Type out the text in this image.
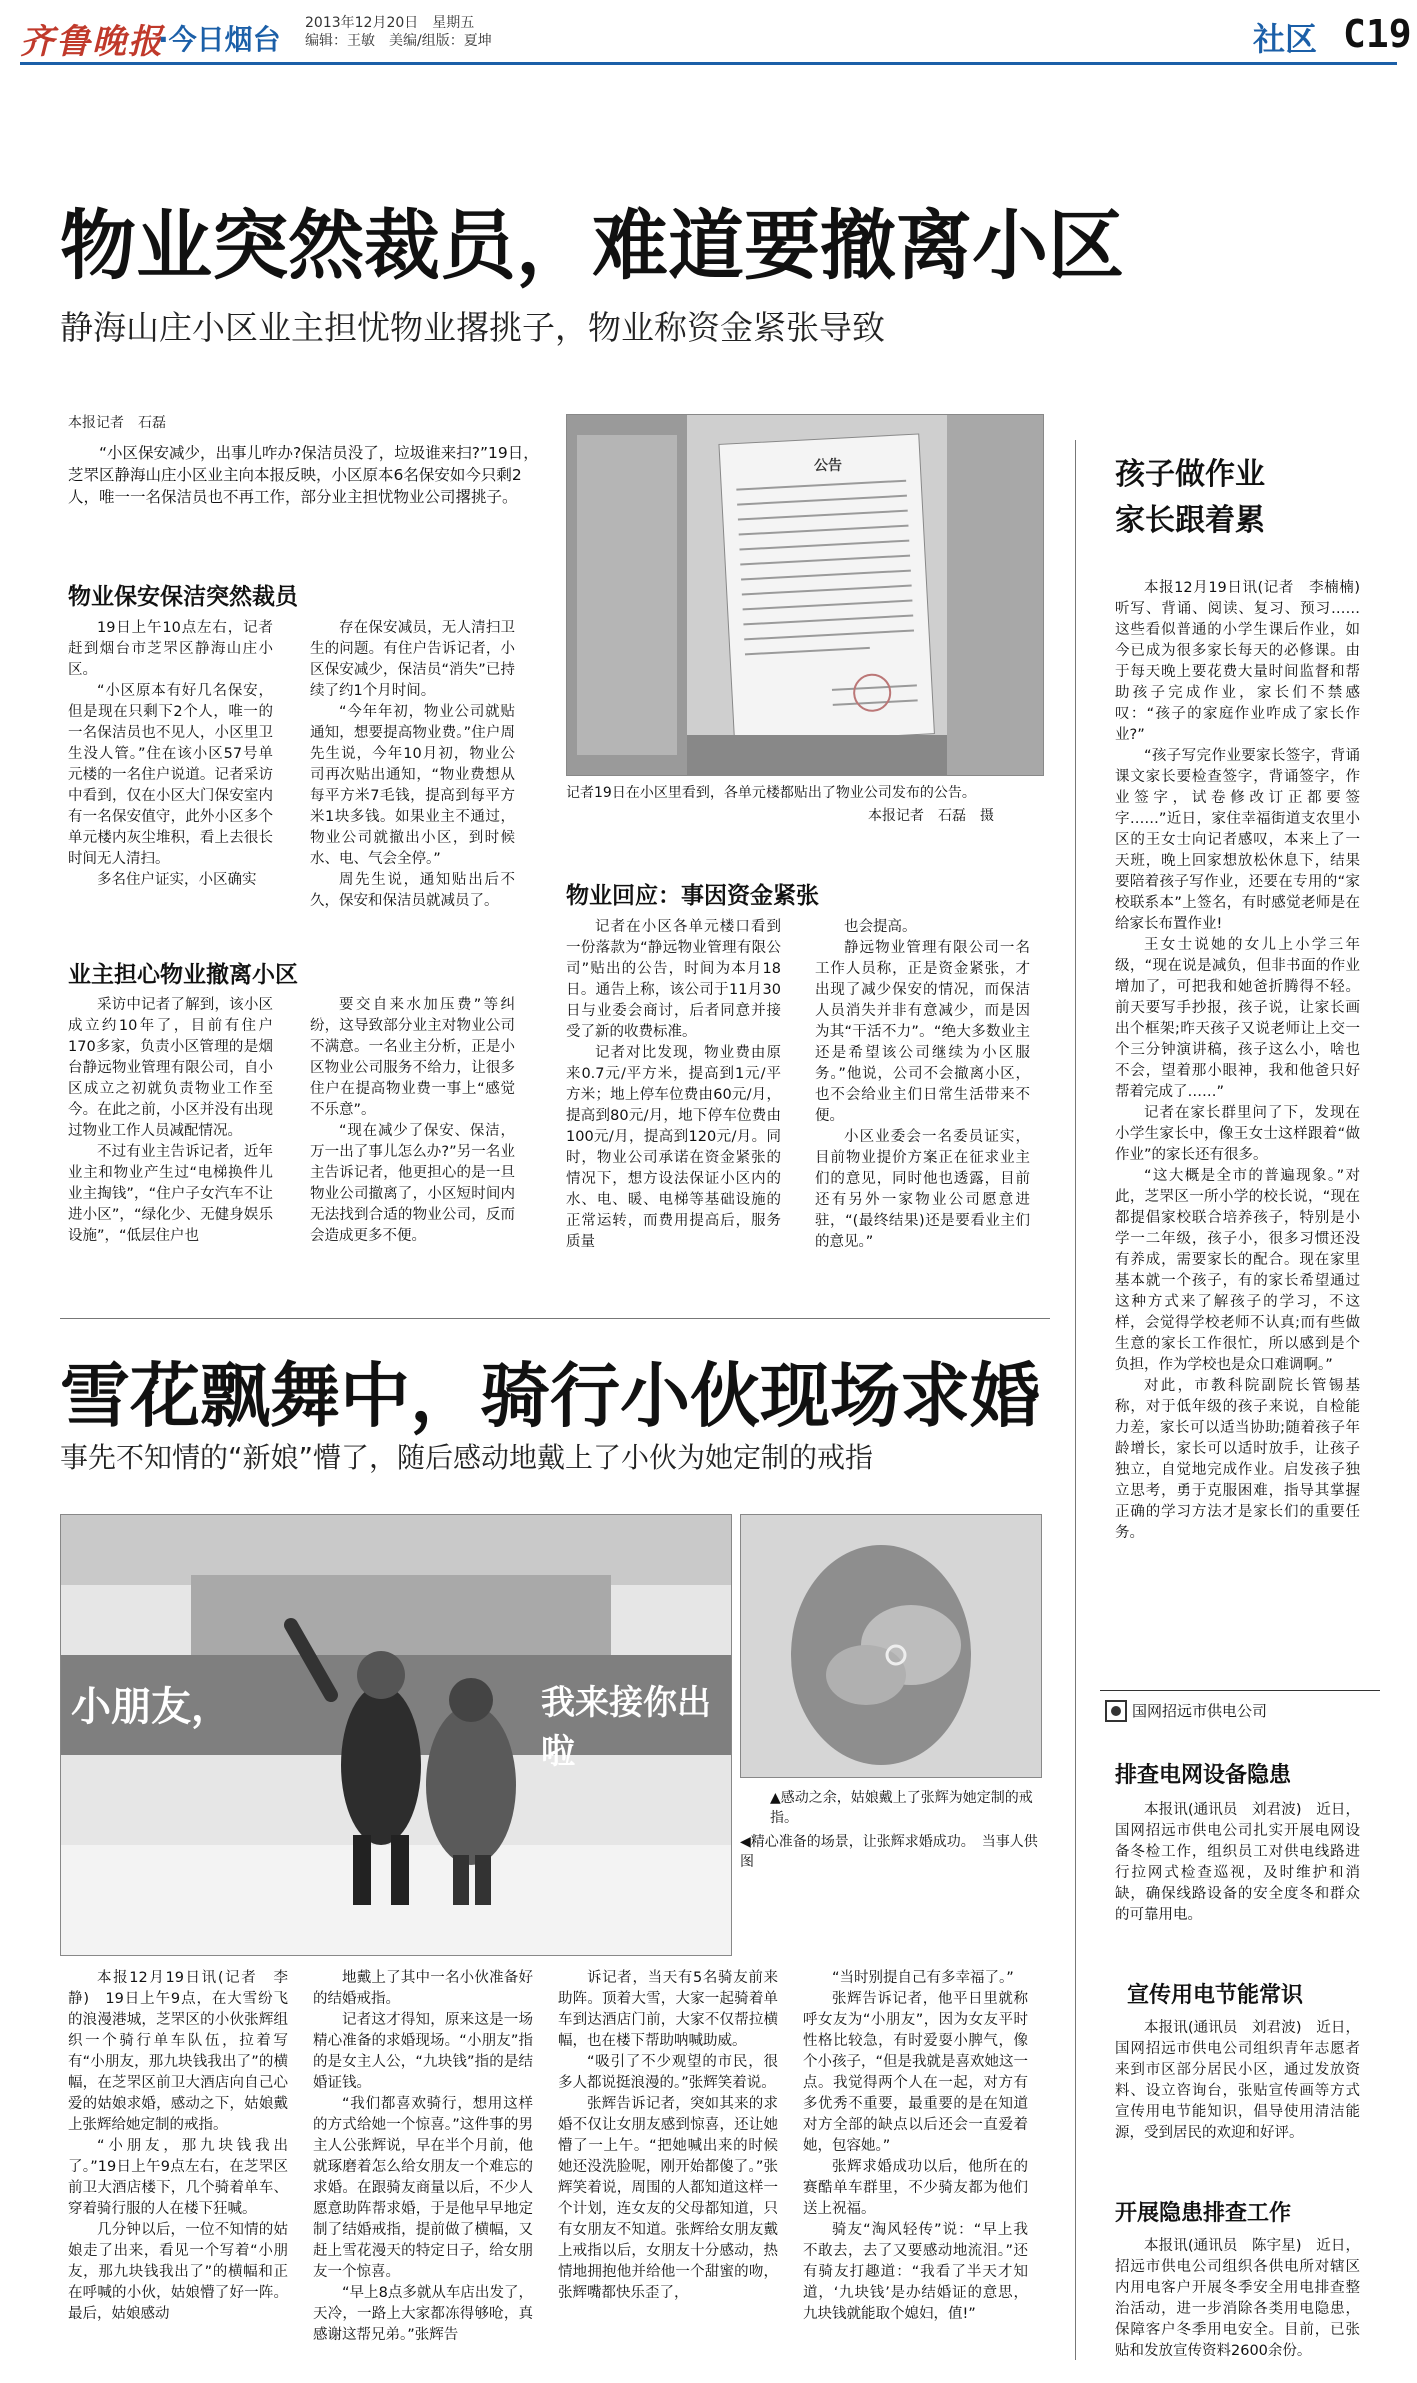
齐鲁晚报
·今日烟台 2013年12月20日　星期五
编辑：王敏　美编/组版：夏坤	社区 C19
物业突然裁员，难道要撤离小区
静海山庄小区业主担忧物业撂挑子，物业称资金紧张导致
本报记者　石磊
“小区保安减少，出事儿咋办?保洁员没了，垃圾谁来扫?”19日，芝罘区静海山庄小区业主向本报反映，小区原本6名保安如今只剩2人，唯一一名保洁员也不再工作，部分业主担忧物业公司撂挑子。
物业保安保洁突然裁员

19日上午10点左右，记者赶到烟台市芝罘区静海山庄小区。

“小区原本有好几名保安，但是现在只剩下2个人，唯一的一名保洁员也不见人，小区里卫生没人管。”住在该小区57号单元楼的一名住户说道。记者采访中看到，仅在小区大门保安室内有一名保安值守，此外小区多个单元楼内灰尘堆积，看上去很长时间无人清扫。

多名住户证实，小区确实

存在保安减员，无人清扫卫生的问题。有住户告诉记者，小区保安减少，保洁员“消失”已持续了约1个月时间。

“今年年初，物业公司就贴通知，想要提高物业费。”住户周先生说，今年10月初，物业公司再次贴出通知，“物业费想从每平方米7毛钱，提高到每平方米1块多钱。如果业主不通过，物业公司就撤出小区，到时候水、电、气会全停。”

周先生说，通知贴出后不久，保安和保洁员就减员了。

业主担心物业撤离小区

采访中记者了解到，该小区成立约10年了，目前有住户170多家，负责小区管理的是烟台静远物业管理有限公司，自小区成立之初就负责物业工作至今。在此之前，小区并没有出现过物业工作人员减配情况。

不过有业主告诉记者，近年业主和物业产生过“电梯换件儿业主掏钱”，“住户子女汽车不让进小区”，“绿化少、无健身娱乐设施”，“低层住户也

要交自来水加压费”等纠纷，这导致部分业主对物业公司不满意。一名业主分析，正是小区物业公司服务不给力，让很多住户在提高物业费一事上“感觉不乐意”。

“现在减少了保安、保洁，万一出了事儿怎么办?”另一名业主告诉记者，他更担心的是一旦物业公司撤离了，小区短时间内无法找到合适的物业公司，反而会造成更多不便。

公告
记者19日在小区里看到，各单元楼都贴出了物业公司发布的公告。
本报记者　石磊　摄
物业回应：事因资金紧张

记者在小区各单元楼口看到一份落款为“静远物业管理有限公司”贴出的公告，时间为本月18日。通告上称，该公司于11月30日与业委会商讨，后者同意并接受了新的收费标准。

记者对比发现，物业费由原来0.7元/平方米，提高到1元/平方米；地上停车位费由60元/月，提高到80元/月，地下停车位费由100元/月，提高到120元/月。同时，物业公司承诺在资金紧张的情况下，想方设法保证小区内的水、电、暖、电梯等基础设施的正常运转，而费用提高后，服务质量

也会提高。

静远物业管理有限公司一名工作人员称，正是资金紧张，才出现了减少保安的情况，而保洁人员消失并非有意减少，而是因为其“干活不力”。“绝大多数业主还是希望该公司继续为小区服务。”他说，公司不会撤离小区，也不会给业主们日常生活带来不便。

小区业委会一名委员证实，目前物业提价方案正在征求业主们的意见，同时他也透露，目前还有另外一家物业公司愿意进驻，“(最终结果)还是要看业主们的意见。”

雪花飘舞中，骑行小伙现场求婚
事先不知情的“新娘”懵了，随后感动地戴上了小伙为她定制的戒指
小朋友，	我来接你出啦
▲感动之余，姑娘戴上了张辉为她定制的戒指。
◀精心准备的场景，让张辉求婚成功。　当事人供图

本报12月19日讯(记者　李静)　19日上午9点，在大雪纷飞的浪漫港城，芝罘区的小伙张辉组织一个骑行单车队伍，拉着写有“小朋友，那九块钱我出了”的横幅，在芝罘区前卫大酒店向自己心爱的姑娘求婚，感动之下，姑娘戴上张辉给她定制的戒指。

“小朋友，那九块钱我出了。”19日上午9点左右，在芝罘区前卫大酒店楼下，几个骑着单车、穿着骑行服的人在楼下狂喊。

几分钟以后，一位不知情的姑娘走了出来，看见一个写着“小朋友，那九块钱我出了”的横幅和正在呼喊的小伙，姑娘懵了好一阵。最后，姑娘感动

地戴上了其中一名小伙准备好的结婚戒指。

记者这才得知，原来这是一场精心准备的求婚现场。“小朋友”指的是女主人公，“九块钱”指的是结婚证钱。

“我们都喜欢骑行，想用这样的方式给她一个惊喜。”这件事的男主人公张辉说，早在半个月前，他就琢磨着怎么给女朋友一个难忘的求婚。在跟骑友商量以后，不少人愿意助阵帮求婚，于是他早早地定制了结婚戒指，提前做了横幅，又赶上雪花漫天的特定日子，给女朋友一个惊喜。

“早上8点多就从车店出发了，天冷，一路上大家都冻得够呛，真感谢这帮兄弟。”张辉告

诉记者，当天有5名骑友前来助阵。顶着大雪，大家一起骑着单车到达酒店门前，大家不仅帮拉横幅，也在楼下帮助呐喊助威。

“吸引了不少观望的市民，很多人都说挺浪漫的。”张辉笑着说。

张辉告诉记者，突如其来的求婚不仅让女朋友感到惊喜，还让她懵了一上午。“把她喊出来的时候她还没洗脸呢，刚开始都傻了。”张辉笑着说，周围的人都知道这样一个计划，连女友的父母都知道，只有女朋友不知道。张辉给女朋友戴上戒指以后，女朋友十分感动，热情地拥抱他并给他一个甜蜜的吻，张辉嘴都快乐歪了，

“当时别提自己有多幸福了。”

张辉告诉记者，他平日里就称呼女友为“小朋友”，因为女友平时性格比较急，有时爱耍小脾气，像个小孩子，“但是我就是喜欢她这一点。我觉得两个人在一起，对方有多优秀不重要，最重要的是在知道对方全部的缺点以后还会一直爱着她，包容她。”

张辉求婚成功以后，他所在的赛酷单车群里，不少骑友都为他们送上祝福。

骑友“淘风轻传”说：“早上我不敢去，去了又要感动地流泪。”还有骑友打趣道：“我看了半天才知道，‘九块钱’是办结婚证的意思，九块钱就能取个媳妇，值!”

孩子做作业
家长跟着累

本报12月19日讯(记者　李楠楠)　听写、背诵、阅读、复习、预习……这些看似普通的小学生课后作业，如今已成为很多家长每天的必修课。由于每天晚上要花费大量时间监督和帮助孩子完成作业，家长们不禁感叹：“孩子的家庭作业咋成了家长作业?”

“孩子写完作业要家长签字，背诵课文家长要检查签字，背诵签字，作业签字，试卷修改订正都要签字……”近日，家住幸福街道支农里小区的王女士向记者感叹，本来上了一天班，晚上回家想放松休息下，结果要陪着孩子写作业，还要在专用的“家校联系本”上签名，有时感觉老师是在给家长布置作业!

王女士说她的女儿上小学三年级，“现在说是减负，但非书面的作业增加了，可把我和她爸折腾得不轻。前天要写手抄报，孩子说，让家长画出个框架;昨天孩子又说老师让上交一个三分钟演讲稿，孩子这么小，啥也不会，望着那小眼神，我和他爸只好帮着完成了……”

记者在家长群里问了下，发现在小学生家长中，像王女士这样跟着“做作业”的家长还有很多。

“这大概是全市的普遍现象。”对此，芝罘区一所小学的校长说，“现在都提倡家校联合培养孩子，特别是小学一二年级，孩子小，很多习惯还没有养成，需要家长的配合。现在家里基本就一个孩子，有的家长希望通过这种方式来了解孩子的学习，不这样，会觉得学校老师不认真;而有些做生意的家长工作很忙，所以感到是个负担，作为学校也是众口难调啊。”

对此，市教科院副院长管锡基称，对于低年级的孩子来说，自检能力差，家长可以适当协助;随着孩子年龄增长，家长可以适时放手，让孩子独立，自觉地完成作业。启发孩子独立思考，勇于克服困难，指导其掌握正确的学习方法才是家长们的重要任务。

国网招远市供电公司
排查电网设备隐患

本报讯(通讯员　刘君波)　近日，国网招远市供电公司扎实开展电网设备冬检工作，组织员工对供电线路进行拉网式检查巡视，及时维护和消缺，确保线路设备的安全度冬和群众的可靠用电。

宣传用电节能常识

本报讯(通讯员　刘君波)　近日，国网招远市供电公司组织青年志愿者来到市区部分居民小区，通过发放资料、设立咨询台，张贴宣传画等方式宣传用电节能知识，倡导使用清洁能源，受到居民的欢迎和好评。

开展隐患排查工作

本报讯(通讯员　陈宇星)　近日，招远市供电公司组织各供电所对辖区内用电客户开展冬季安全用电排查整治活动，进一步消除各类用电隐患，保障客户冬季用电安全。目前，已张贴和发放宣传资料2600余份。
